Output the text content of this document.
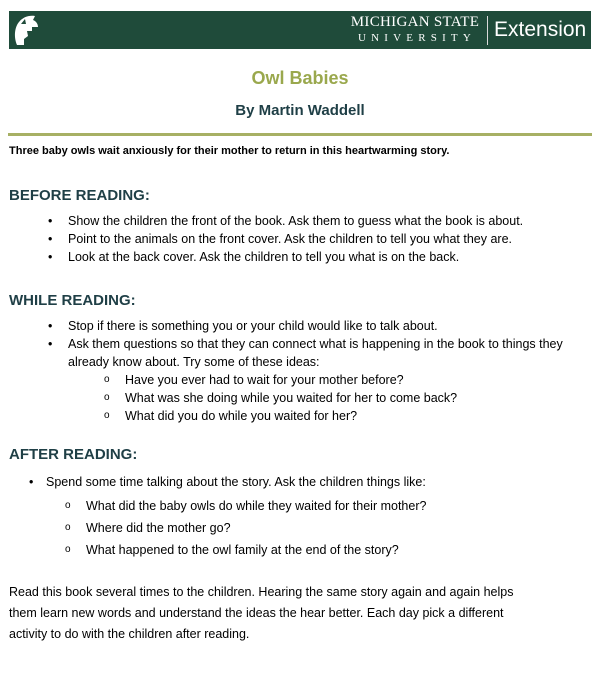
MICHIGAN STATE
UNIVERSITY Extension
Owl Babies
By Martin Waddell
Three baby owls wait anxiously for their mother to return in this heartwarming story.
BEFORE READING:
• Show the children the front of the book. Ask them to guess what the book is about.
• Point to the animals on the front cover. Ask the children to tell you what they are.
• Look at the back cover. Ask the children to tell you what is on the back.
WHILE READING:
• Stop if there is something you or your child would like to talk about.
• Ask them questions so that they can connect what is happening in the book to things they already know about. Try some of these ideas:
o Have you ever had to wait for your mother before?
o What was she doing while you waited for her to come back?
o What did you do while you waited for her?
AFTER READING:
• Spend some time talking about the story. Ask the children things like:
o What did the baby owls do while they waited for their mother?
o Where did the mother go?
o What happened to the owl family at the end of the story?
Read this book several times to the children. Hearing the same story again and again helps them learn new words and understand the ideas the hear better. Each day pick a different activity to do with the children after reading.
